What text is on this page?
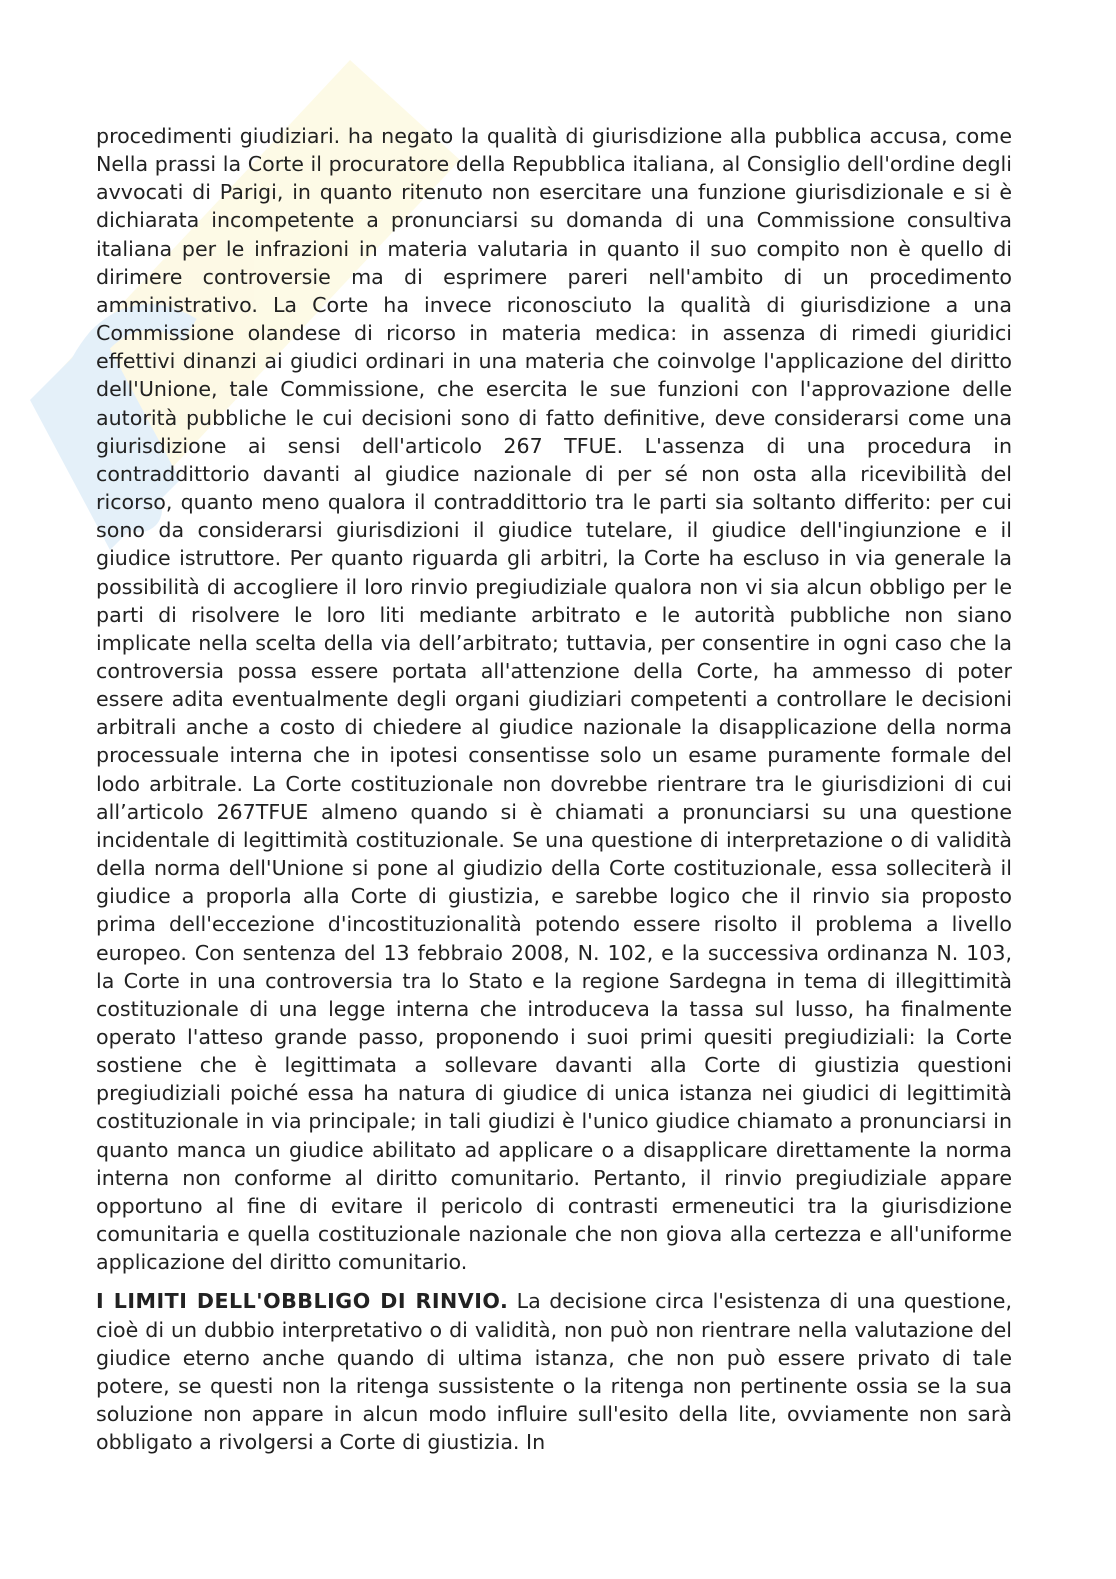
procedimenti giudiziari. ha negato la qualità di giurisdizione alla pubblica accusa, come Nella prassi la Corte il procuratore della Repubblica italiana, al Consiglio dell'ordine degli avvocati di Parigi, in quanto ritenuto non esercitare una funzione giurisdizionale e si è dichiarata incompetente a pronunciarsi su domanda di una Commissione consultiva italiana per le infrazioni in materia valutaria in quanto il suo compito non è quello di dirimere controversie ma di esprimere pareri nell'ambito di un procedimento amministrativo. La Corte ha invece riconosciuto la qualità di giurisdizione a una Commissione olandese di ricorso in materia medica: in assenza di rimedi giuridici effettivi dinanzi ai giudici ordinari in una materia che coinvolge l'applicazione del diritto dell'Unione, tale Commissione, che esercita le sue funzioni con l'approvazione delle autorità pubbliche le cui decisioni sono di fatto definitive, deve considerarsi come una giurisdizione ai sensi dell'articolo 267 TFUE. L'assenza di una procedura in contraddittorio davanti al giudice nazionale di per sé non osta alla ricevibilità del ricorso, quanto meno qualora il contraddittorio tra le parti sia soltanto differito: per cui sono da considerarsi giurisdizioni il giudice tutelare, il giudice dell'ingiunzione e il giudice istruttore. Per quanto riguarda gli arbitri, la Corte ha escluso in via generale la possibilità di accogliere il loro rinvio pregiudiziale qualora non vi sia alcun obbligo per le parti di risolvere le loro liti mediante arbitrato e le autorità pubbliche non siano implicate nella scelta della via dell’arbitrato; tuttavia, per consentire in ogni caso che la controversia possa essere portata all'attenzione della Corte, ha ammesso di poter essere adita eventualmente degli organi giudiziari competenti a controllare le decisioni arbitrali anche a costo di chiedere al giudice nazionale la disapplicazione della norma processuale interna che in ipotesi consentisse solo un esame puramente formale del lodo arbitrale. La Corte costituzionale non dovrebbe rientrare tra le giurisdizioni di cui all’articolo 267TFUE almeno quando si è chiamati a pronunciarsi su una questione incidentale di legittimità costituzionale. Se una questione di interpretazione o di validità della norma dell'Unione si pone al giudizio della Corte costituzionale, essa solleciterà il giudice a proporla alla Corte di giustizia, e sarebbe logico che il rinvio sia proposto prima dell'eccezione d'incostituzionalità potendo essere risolto il problema a livello europeo. Con sentenza del 13 febbraio 2008, N. 102, e la successiva ordinanza N. 103, la Corte in una controversia tra lo Stato e la regione Sardegna in tema di illegittimità costituzionale di una legge interna che introduceva la tassa sul lusso, ha finalmente operato l'atteso grande passo, proponendo i suoi primi quesiti pregiudiziali: la Corte sostiene che è legittimata a sollevare davanti alla Corte di giustizia questioni pregiudiziali poiché essa ha natura di giudice di unica istanza nei giudici di legittimità costituzionale in via principale; in tali giudizi è l'unico giudice chiamato a pronunciarsi in quanto manca un giudice abilitato ad applicare o a disapplicare direttamente la norma interna non conforme al diritto comunitario. Pertanto, il rinvio pregiudiziale appare opportuno al fine di evitare il pericolo di contrasti ermeneutici tra la giurisdizione comunitaria e quella costituzionale nazionale che non giova alla certezza e all'uniforme applicazione del diritto comunitario.

I LIMITI DELL'OBBLIGO DI RINVIO. La decisione circa l'esistenza di una questione, cioè di un dubbio interpretativo o di validità, non può non rientrare nella valutazione del giudice eterno anche quando di ultima istanza, che non può essere privato di tale potere, se questi non la ritenga sussistente o la ritenga non pertinente ossia se la sua soluzione non appare in alcun modo influire sull'esito della lite, ovviamente non sarà obbligato a rivolgersi a Corte di giustizia. In
